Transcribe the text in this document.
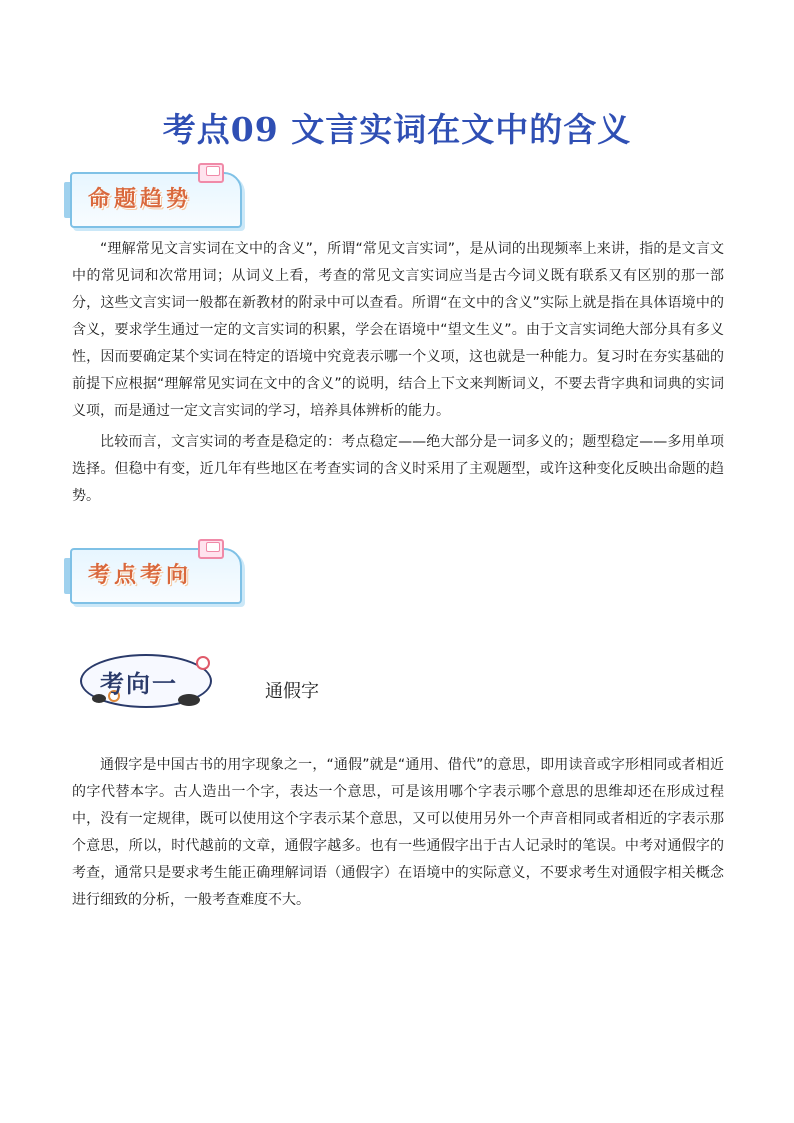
考点09 文言实词在文中的含义
命题趋势

“理解常见文言实词在文中的含义”，所谓“常见文言实词”，是从词的出现频率上来讲，指的是文言文中的常见词和次常用词；从词义上看，考查的常见文言实词应当是古今词义既有联系又有区别的那一部分，这些文言实词一般都在新教材的附录中可以查看。所谓“在文中的含义”实际上就是指在具体语境中的含义，要求学生通过一定的文言实词的积累，学会在语境中“望文生义”。由于文言实词绝大部分具有多义性，因而要确定某个实词在特定的语境中究竟表示哪一个义项，这也就是一种能力。复习时在夯实基础的前提下应根据“理解常见实词在文中的含义”的说明，结合上下文来判断词义，不要去背字典和词典的实词义项，而是通过一定文言实词的学习，培养具体辨析的能力。

比较而言，文言实词的考查是稳定的：考点稳定——绝大部分是一词多义的；题型稳定——多用单项选择。但稳中有变，近几年有些地区在考查实词的含义时采用了主观题型，或许这种变化反映出命题的趋势。

考点考向
考向一	通假字

通假字是中国古书的用字现象之一，“通假”就是“通用、借代”的意思，即用读音或字形相同或者相近的字代替本字。古人造出一个字，表达一个意思，可是该用哪个字表示哪个意思的思维却还在形成过程中，没有一定规律，既可以使用这个字表示某个意思，又可以使用另外一个声音相同或者相近的字表示那个意思，所以，时代越前的文章，通假字越多。也有一些通假字出于古人记录时的笔误。中考对通假字的考查，通常只是要求考生能正确理解词语（通假字）在语境中的实际意义，不要求考生对通假字相关概念进行细致的分析，一般考查难度不大。
